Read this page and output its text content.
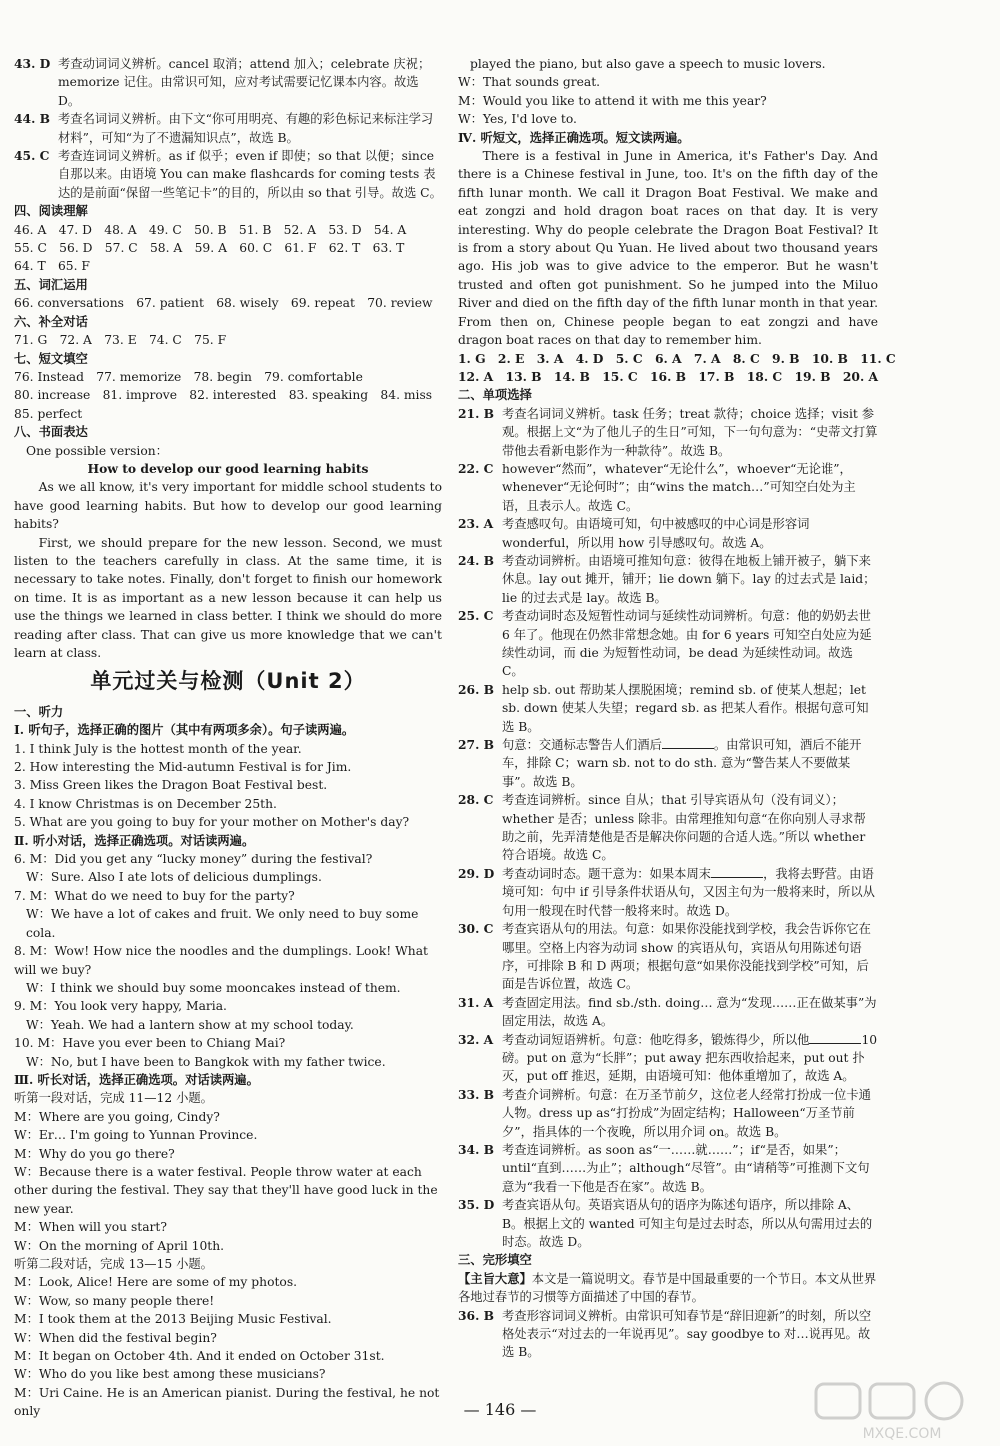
43. D 考查动词词义辨析。cancel 取消；attend 加入；celebrate 庆祝；memorize 记住。由常识可知，应对考试需要记忆课本内容。故选 D。
44. B 考查名词词义辨析。由下文“你可用明亮、有趣的彩色标记来标注学习材料”，可知“为了不遗漏知识点”，故选 B。
45. C 考查连词词义辨析。as if 似乎；even if 即使；so that 以便；since 自那以来。由语境 You can make flashcards for coming tests 表达的是前面“保留一些笔记卡”的目的，所以由 so that 引导。故选 C。
四、阅读理解
46. A　47. D　48. A　49. C　50. B　51. B　52. A　53. D　54. A
55. C　56. D　57. C　58. A　59. A　60. C　61. F　62. T　63. T
64. T　65. F
五、词汇运用
66. conversations　67. patient　68. wisely　69. repeat　70. review
六、补全对话
71. G　72. A　73. E　74. C　75. F
七、短文填空
76. Instead　77. memorize　78. begin　79. comfortable
80. increase　81. improve　82. interested　83. speaking　84. miss
85. perfect
八、书面表达
One possible version：
How to develop our good learning habits
As we all know, it's very important for middle school students to have good learning habits. But how to develop our good learning habits?
First, we should prepare for the new lesson. Second, we must listen to the teachers carefully in class. At the same time, it is necessary to take notes. Finally, don't forget to finish our homework on time. It is as important as a new lesson because it can help us use the things we learned in class better. I think we should do more reading after class. That can give us more knowledge that we can't learn at class.
单元过关与检测（Unit 2）
一、听力
Ⅰ. 听句子，选择正确的图片（其中有两项多余）。句子读两遍。
1. I think July is the hottest month of the year.
2. How interesting the Mid-autumn Festival is for Jim.
3. Miss Green likes the Dragon Boat Festival best.
4. I know Christmas is on December 25th.
5. What are you going to buy for your mother on Mother's day?
Ⅱ. 听小对话，选择正确选项。对话读两遍。
6. M：Did you get any “lucky money” during the festival?
W：Sure. Also I ate lots of delicious dumplings.
7. M：What do we need to buy for the party?
W：We have a lot of cakes and fruit. We only need to buy some cola.
8. M：Wow! How nice the noodles and the dumplings. Look! What will we buy?
W：I think we should buy some mooncakes instead of them.
9. M：You look very happy, Maria.
W：Yeah. We had a lantern show at my school today.
10. M：Have you ever been to Chiang Mai?
W：No, but I have been to Bangkok with my father twice.
Ⅲ. 听长对话，选择正确选项。对话读两遍。
听第一段对话，完成 11—12 小题。
M：Where are you going, Cindy?
W：Er… I'm going to Yunnan Province.
M：Why do you go there?
W：Because there is a water festival. People throw water at each other during the festival. They say that they'll have good luck in the new year.
M：When will you start?
W：On the morning of April 10th.
听第二段对话，完成 13—15 小题。
M：Look, Alice! Here are some of my photos.
W：Wow, so many people there!
M：I took them at the 2013 Beijing Music Festival.
W：When did the festival begin?
M：It began on October 4th. And it ended on October 31st.
W：Who do you like best among these musicians?
M：Uri Caine. He is an American pianist. During the festival, he not only
played the piano, but also gave a speech to music lovers.
W：That sounds great.
M：Would you like to attend it with me this year?
W：Yes, I'd love to.
Ⅳ. 听短文，选择正确选项。短文读两遍。
There is a festival in June in America, it's Father's Day. And there is a Chinese festival in June, too. It's on the fifth day of the fifth lunar month. We call it Dragon Boat Festival. We make and eat zongzi and hold dragon boat races on that day. It is very interesting. Why do people celebrate the Dragon Boat Festival? It is from a story about Qu Yuan. He lived about two thousand years ago. His job was to give advice to the emperor. But he wasn't trusted and often got punishment. So he jumped into the Miluo River and died on the fifth day of the fifth lunar month in that year. From then on, Chinese people began to eat zongzi and have dragon boat races on that day to remember him.
1. G　2. E　3. A　4. D　5. C　6. A　7. A　8. C　9. B　10. B　11. C
12. A　13. B　14. B　15. C　16. B　17. B　18. C　19. B　20. A
二、单项选择
21. B 考查名词词义辨析。task 任务；treat 款待；choice 选择；visit 参观。根据上文“为了他儿子的生日”可知，下一句句意为：“史蒂文打算带他去看新电影作为一种款待”。故选 B。
22. C however“然而”，whatever“无论什么”，whoever“无论谁”，whenever“无论何时”；由“wins the match…”可知空白处为主语，且表示人。故选 C。
23. A 考查感叹句。由语境可知，句中被感叹的中心词是形容词 wonderful，所以用 how 引导感叹句。故选 A。
24. B 考查动词辨析。由语境可推知句意：彼得在地板上铺开被子，躺下来休息。lay out 摊开，铺开；lie down 躺下。lay 的过去式是 laid；lie 的过去式是 lay。故选 B。
25. C 考查动词时态及短暂性动词与延续性动词辨析。句意：他的奶奶去世 6 年了。他现在仍然非常想念她。由 for 6 years 可知空白处应为延续性动词，而 die 为短暂性动词，be dead 为延续性动词。故选 C。
26. B help sb. out 帮助某人摆脱困境；remind sb. of 使某人想起；let sb. down 使某人失望；regard sb. as 把某人看作。根据句意可知选 B。
27. B 句意：交通标志警告人们酒后	。由常识可知，酒后不能开车，排除 C；warn sb. not to do sth. 意为“警告某人不要做某事”。故选 B。
28. C 考查连词辨析。since 自从；that 引导宾语从句（没有词义）；whether 是否；unless 除非。由常理推知句意“在你向别人寻求帮助之前，先弄清楚他是否是解决你问题的合适人选。”所以 whether 符合语境。故选 C。
29. D 考查动词时态。题干意为：如果本周末	，我将去野营。由语境可知：句中 if 引导条件状语从句，又因主句为一般将来时，所以从句用一般现在时代替一般将来时。故选 D。
30. C 考查宾语从句的用法。句意：如果你没能找到学校，我会告诉你它在哪里。空格上内容为动词 show 的宾语从句，宾语从句用陈述句语序，可排除 B 和 D 两项；根据句意“如果你没能找到学校”可知，后面是告诉位置，故选 C。
31. A 考查固定用法。find sb./sth. doing… 意为“发现……正在做某事”为固定用法，故选 A。
32. A 考查动词短语辨析。句意：他吃得多，锻炼得少，所以他	10 磅。put on 意为“长胖”；put away 把东西收拾起来，put out 扑灭，put off 推迟，延期，由语境可知：他体重增加了，故选 A。
33. B 考查介词辨析。句意：在万圣节前夕，这位老人经常打扮成一位卡通人物。dress up as“打扮成”为固定结构；Halloween“万圣节前夕”，指具体的一个夜晚，所以用介词 on。故选 B。
34. B 考查连词辨析。as soon as“一……就……”；if“是否，如果”；until“直到……为止”；although“尽管”。由“请稍等”可推测下文句意为“我看一下他是否在家”。故选 B。
35. D 考查宾语从句。英语宾语从句的语序为陈述句语序，所以排除 A、B。根据上文的 wanted 可知主句是过去时态，所以从句需用过去的时态。故选 D。
三、完形填空
【主旨大意】本文是一篇说明文。春节是中国最重要的一个节日。本文从世界各地过春节的习惯等方面描述了中国的春节。
36. B 考查形容词词义辨析。由常识可知春节是“辞旧迎新”的时刻，所以空格处表示“对过去的一年说再见”。say goodbye to 对…说再见。故选 B。
— 146 —
MXQE.COM
